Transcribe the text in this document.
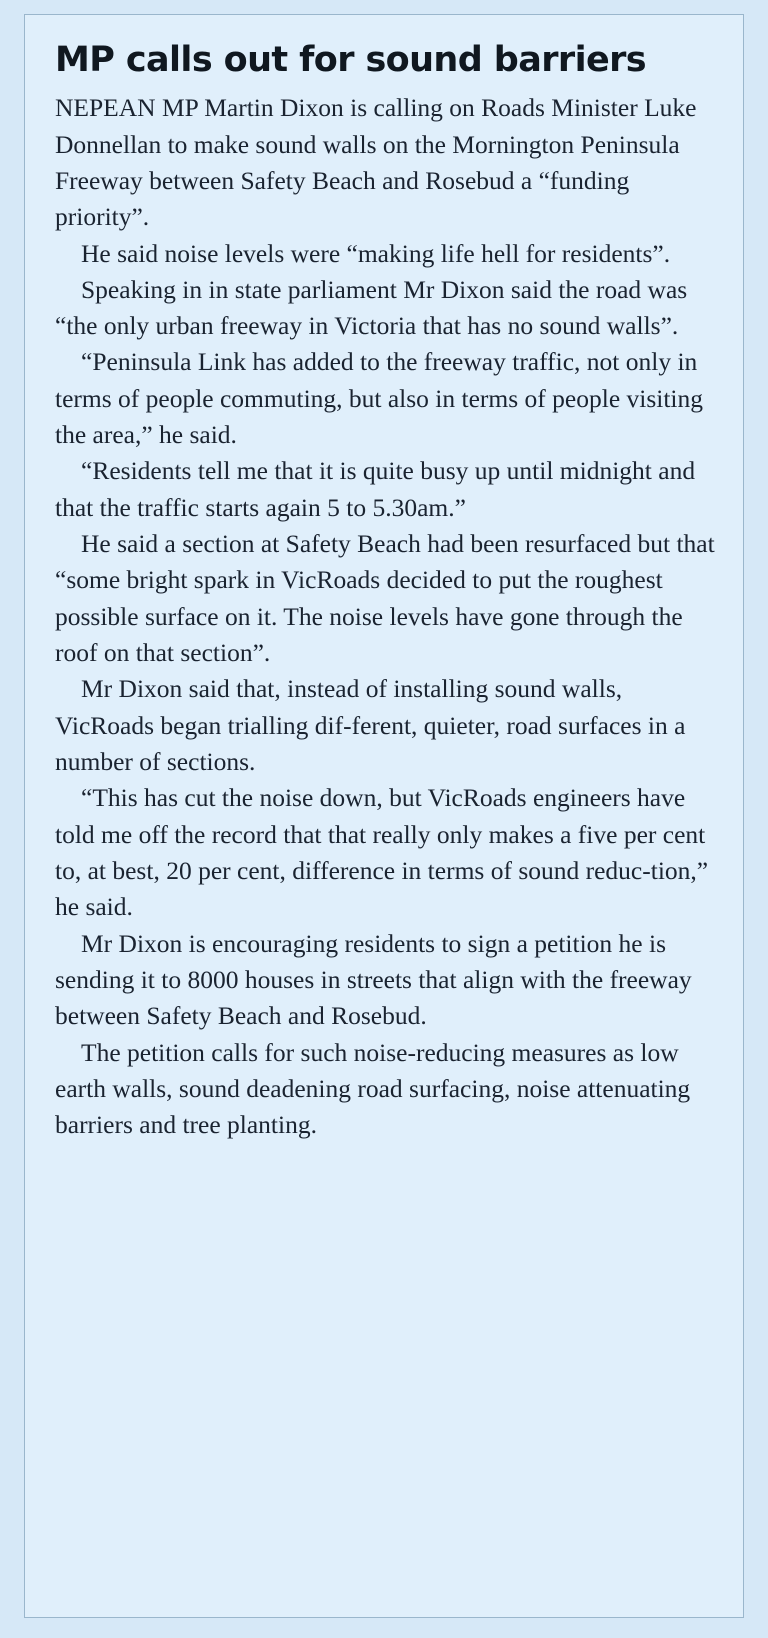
MP calls out for sound barriers

NEPEAN MP Martin Dixon is calling on Roads Minister Luke Donnellan to make sound walls on the Mornington Peninsula Freeway between Safety Beach and Rosebud a “funding priority”.

He said noise levels were “making life hell for residents”.

Speaking in in state parliament Mr Dixon said the road was “the only urban freeway in Victoria that has no sound walls”.

“Peninsula Link has added to the freeway traffic, not only in terms of people commuting, but also in terms of people visiting the area,” he said.

“Residents tell me that it is quite busy up until midnight and that the traffic starts again 5 to 5.30am.”

He said a section at Safety Beach had been resurfaced but that “some bright spark in VicRoads decided to put the roughest possible surface on it. The noise levels have gone through the roof on that section”.

Mr Dixon said that, instead of installing sound walls, VicRoads began trialling dif-ferent, quieter, road surfaces in a number of sections.

“This has cut the noise down, but VicRoads engineers have told me off the record that that really only makes a five per cent to, at best, 20 per cent, difference in terms of sound reduc-tion,” he said.

Mr Dixon is encouraging residents to sign a petition he is sending it to 8000 houses in streets that align with the freeway between Safety Beach and Rosebud.

The petition calls for such noise-reducing measures as low earth walls, sound deadening road surfacing, noise attenuating barriers and tree planting.
